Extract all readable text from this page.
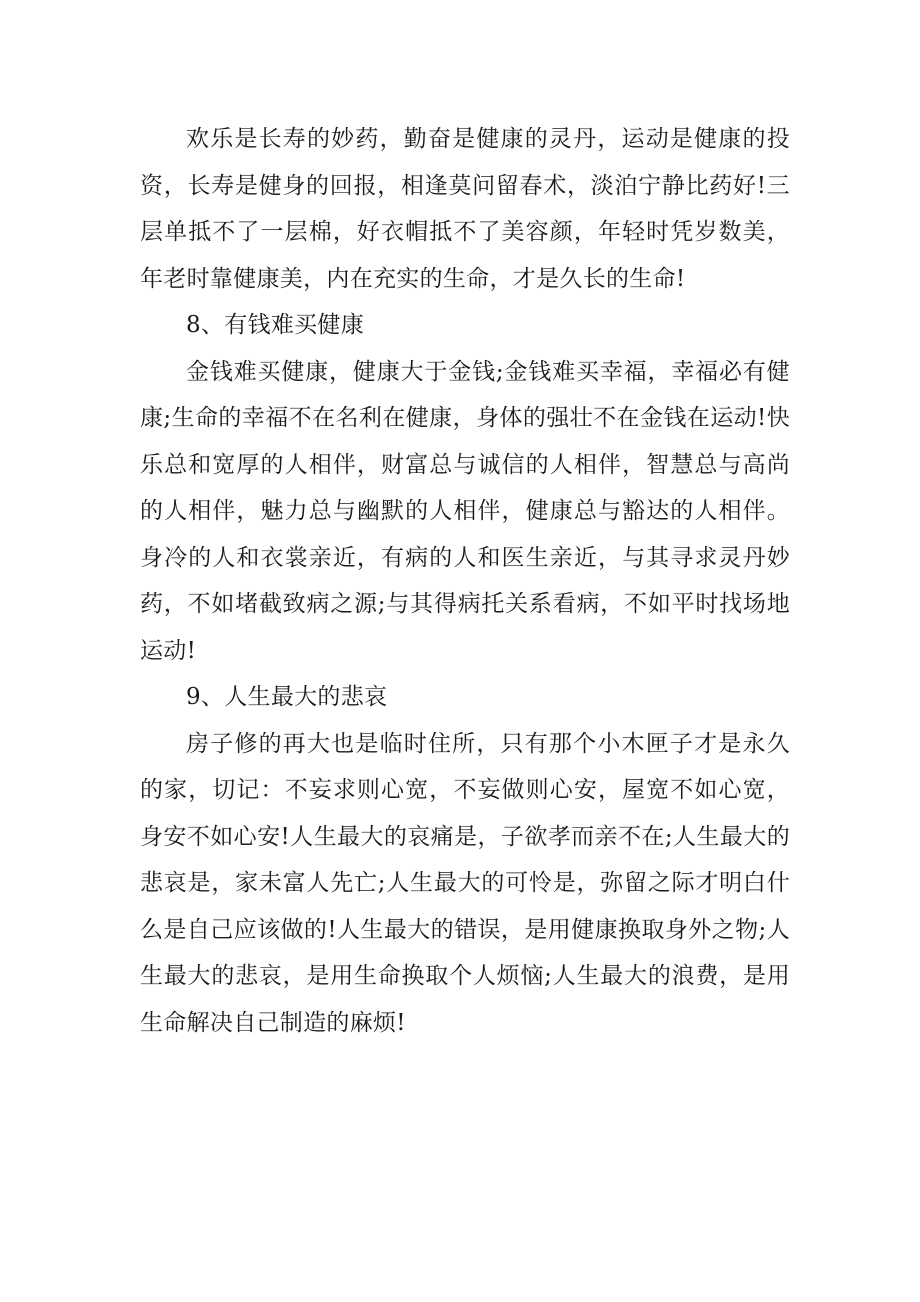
欢乐是长寿的妙药，勤奋是健康的灵丹，运动是健康的投资，长寿是健身的回报，相逢莫问留春术，淡泊宁静比药好!三层单抵不了一层棉，好衣帽抵不了美容颜，年轻时凭岁数美，年老时靠健康美，内在充实的生命，才是久长的生命!

8、有钱难买健康

金钱难买健康，健康大于金钱;金钱难买幸福，幸福必有健康;生命的幸福不在名利在健康，身体的强壮不在金钱在运动!快乐总和宽厚的人相伴，财富总与诚信的人相伴，智慧总与高尚的人相伴，魅力总与幽默的人相伴，健康总与豁达的人相伴。身冷的人和衣裳亲近，有病的人和医生亲近，与其寻求灵丹妙药，不如堵截致病之源;与其得病托关系看病，不如平时找场地运动!

9、人生最大的悲哀

房子修的再大也是临时住所，只有那个小木匣子才是永久的家，切记：不妄求则心宽，不妄做则心安，屋宽不如心宽，身安不如心安!人生最大的哀痛是，子欲孝而亲不在;人生最大的悲哀是，家未富人先亡;人生最大的可怜是，弥留之际才明白什么是自己应该做的!人生最大的错误，是用健康换取身外之物;人生最大的悲哀，是用生命换取个人烦恼;人生最大的浪费，是用生命解决自己制造的麻烦!
